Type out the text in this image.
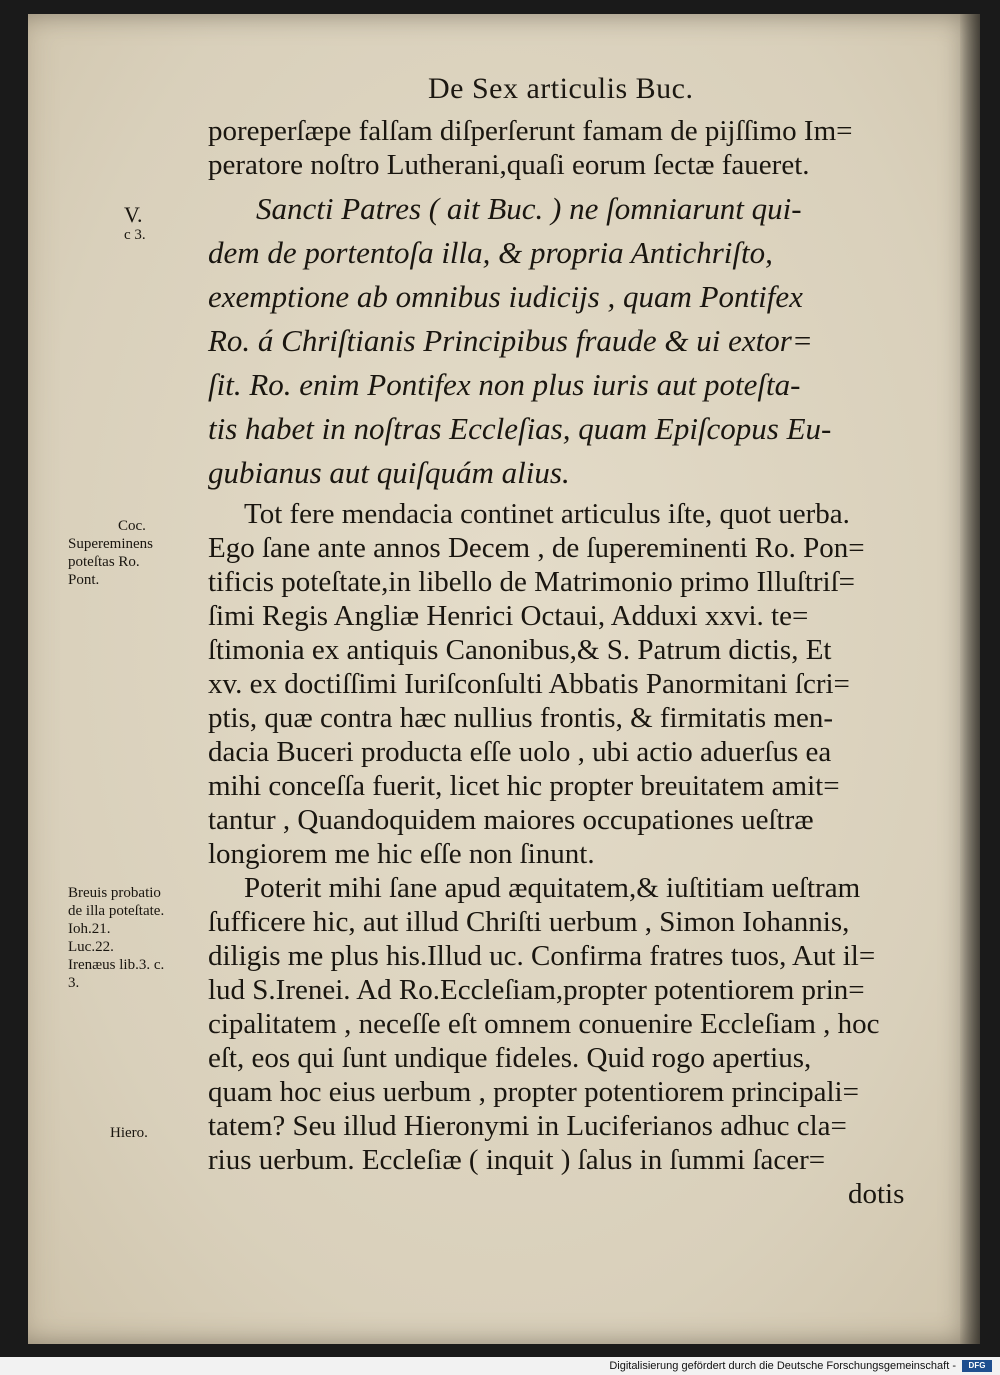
De Sex articulis Buc.
V.
c 3.
Coc.
Supereminens
poteſtas Ro.
Pont.
Breuis probatio
de illa poteſtate.
Ioh.21.
Luc.22.
Irenæus lib.3. c.
3.
Hiero.
poreperſæpe falſam diſperſerunt famam de pijſſimo Im=
peratore noſtro Lutherani,quaſi eorum ſectæ faueret.
Sancti Patres ( ait Buc. ) ne ſomniarunt qui-
dem de portentoſa illa, & propria Antichriſto,
exemptione ab omnibus iudicijs , quam Pontifex
Ro. á Chriſtianis Principibus fraude & ui extor=
ſit. Ro. enim Pontifex non plus iuris aut poteſta-
tis habet in noſtras Eccleſias, quam Epiſcopus Eu-
gubianus aut quiſquám alius.
Tot fere mendacia continet articulus iſte, quot uerba.
Ego ſane ante annos Decem , de ſupereminenti Ro. Pon=
tificis poteſtate,in libello de Matrimonio primo Illuſtriſ=
ſimi Regis Angliæ Henrici Octaui, Adduxi xxvi. te=
ſtimonia ex antiquis Canonibus,& S. Patrum dictis, Et
xv. ex doctiſſimi Iuriſconſulti Abbatis Panormitani ſcri=
ptis, quæ contra hæc nullius frontis, & firmitatis men-
dacia Buceri producta eſſe uolo , ubi actio aduerſus ea
mihi conceſſa fuerit, licet hic propter breuitatem amit=
tantur , Quandoquidem maiores occupationes ueſtræ
longiorem me hic eſſe non ſinunt.
Poterit mihi ſane apud æquitatem,& iuſtitiam ueſtram
ſufficere hic, aut illud Chriſti uerbum , Simon Iohannis,
diligis me plus his.Illud uc. Confirma fratres tuos, Aut il=
lud S.Irenei. Ad Ro.Eccleſiam,propter potentiorem prin=
cipalitatem , neceſſe eſt omnem conuenire Eccleſiam , hoc
eſt, eos qui ſunt undique fideles. Quid rogo apertius,
quam hoc eius uerbum , propter potentiorem principali=
tatem? Seu illud Hieronymi in Luciferianos adhuc cla=
rius uerbum. Eccleſiæ ( inquit ) ſalus in ſummi ſacer=
dotis
Digitalisierung gefördert durch die Deutsche Forschungsgemeinschaft -	DFG
